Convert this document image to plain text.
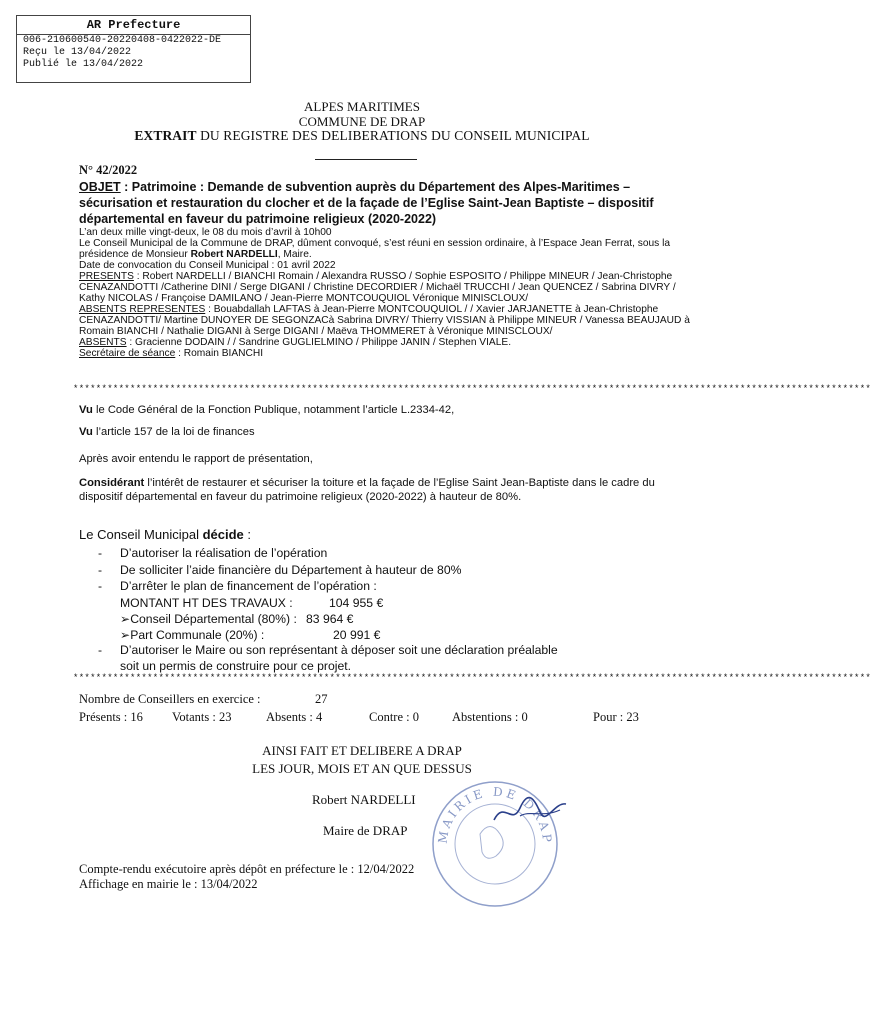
AR Prefecture
006-210600540-20220408-0422022-DE
Reçu le 13/04/2022
Publié le 13/04/2022
ALPES MARITIMES
COMMUNE DE DRAP
EXTRAIT DU REGISTRE DES DELIBERATIONS DU CONSEIL MUNICIPAL
N° 42/2022
OBJET : Patrimoine : Demande de subvention auprès du Département des Alpes-Maritimes – sécurisation et restauration du clocher et de la façade de l’Eglise Saint-Jean Baptiste – dispositif départemental en faveur du patrimoine religieux (2020-2022)

L’an deux mille vingt-deux, le 08 du mois d’avril à 10h00

Le Conseil Municipal de la Commune de DRAP, dûment convoqué, s’est réuni en session ordinaire, à l’Espace Jean Ferrat, sous la présidence de Monsieur Robert NARDELLI, Maire.

Date de convocation du Conseil Municipal : 01 avril 2022

PRESENTS : Robert NARDELLI / BIANCHI Romain / Alexandra RUSSO / Sophie ESPOSITO / Philippe MINEUR / Jean-Christophe CENAZANDOTTI /Catherine DINI / Serge DIGANI / Christine DECORDIER / Michaël TRUCCHI / Jean QUENCEZ / Sabrina DIVRY / Kathy NICOLAS / Françoise DAMILANO / Jean-Pierre MONTCOUQUIOL Véronique MINISCLOUX/

ABSENTS REPRESENTES : Bouabdallah LAFTAS à Jean-Pierre MONTCOUQUIOL / / Xavier JARJANETTE à Jean-Christophe CENAZANDOTTI/ Martine DUNOYER DE SEGONZACà Sabrina DIVRY/ Thierry VISSIAN à Philippe MINEUR / Vanessa BEAUJAUD à Romain BIANCHI / Nathalie DIGANI à Serge DIGANI / Maëva THOMMERET à Véronique MINISCLOUX/

ABSENTS : Gracienne DODAIN / / Sandrine GUGLIELMINO / Philippe JANIN / Stephen VIALE.

Secrétaire de séance : Romain BIANCHI

********************************************************************************************************************************************
Vu le Code Général de la Fonction Publique, notamment l’article L.2334-42,
Vu l’article 157 de la loi de finances
Après avoir entendu le rapport de présentation,
Considérant l’intérêt de restaurer et sécuriser la toiture et la façade de l’Eglise Saint Jean-Baptiste dans le cadre du dispositif départemental en faveur du patrimoine religieux (2020-2022) à hauteur de 80%.
Le Conseil Municipal décide :
- D’autoriser la réalisation de l’opération
- De solliciter l’aide financière du Département à hauteur de 80%
- D’arrêter le plan de financement de l’opération :
MONTANT HT DES TRAVAUX :	104 955 €
➢Conseil Départemental (80%) : 83 964 €
➢Part Communale (20%) :	20 991 €
- D’autoriser le Maire ou son représentant à déposer soit une déclaration préalable
soit un permis de construire pour ce projet.
********************************************************************************************************************************************
Nombre de Conseillers en exercice :	27
Présents : 16 Votants : 23	Absents : 4	Contre : 0	Abstentions : 0	Pour : 23
AINSI FAIT ET DELIBERE A DRAP
LES JOUR, MOIS ET AN QUE DESSUS
MAIRIE DE DRAP
Robert NARDELLI
Maire de DRAP
Compte-rendu exécutoire après dépôt en préfecture le : 12/04/2022
Affichage en mairie le : 13/04/2022
